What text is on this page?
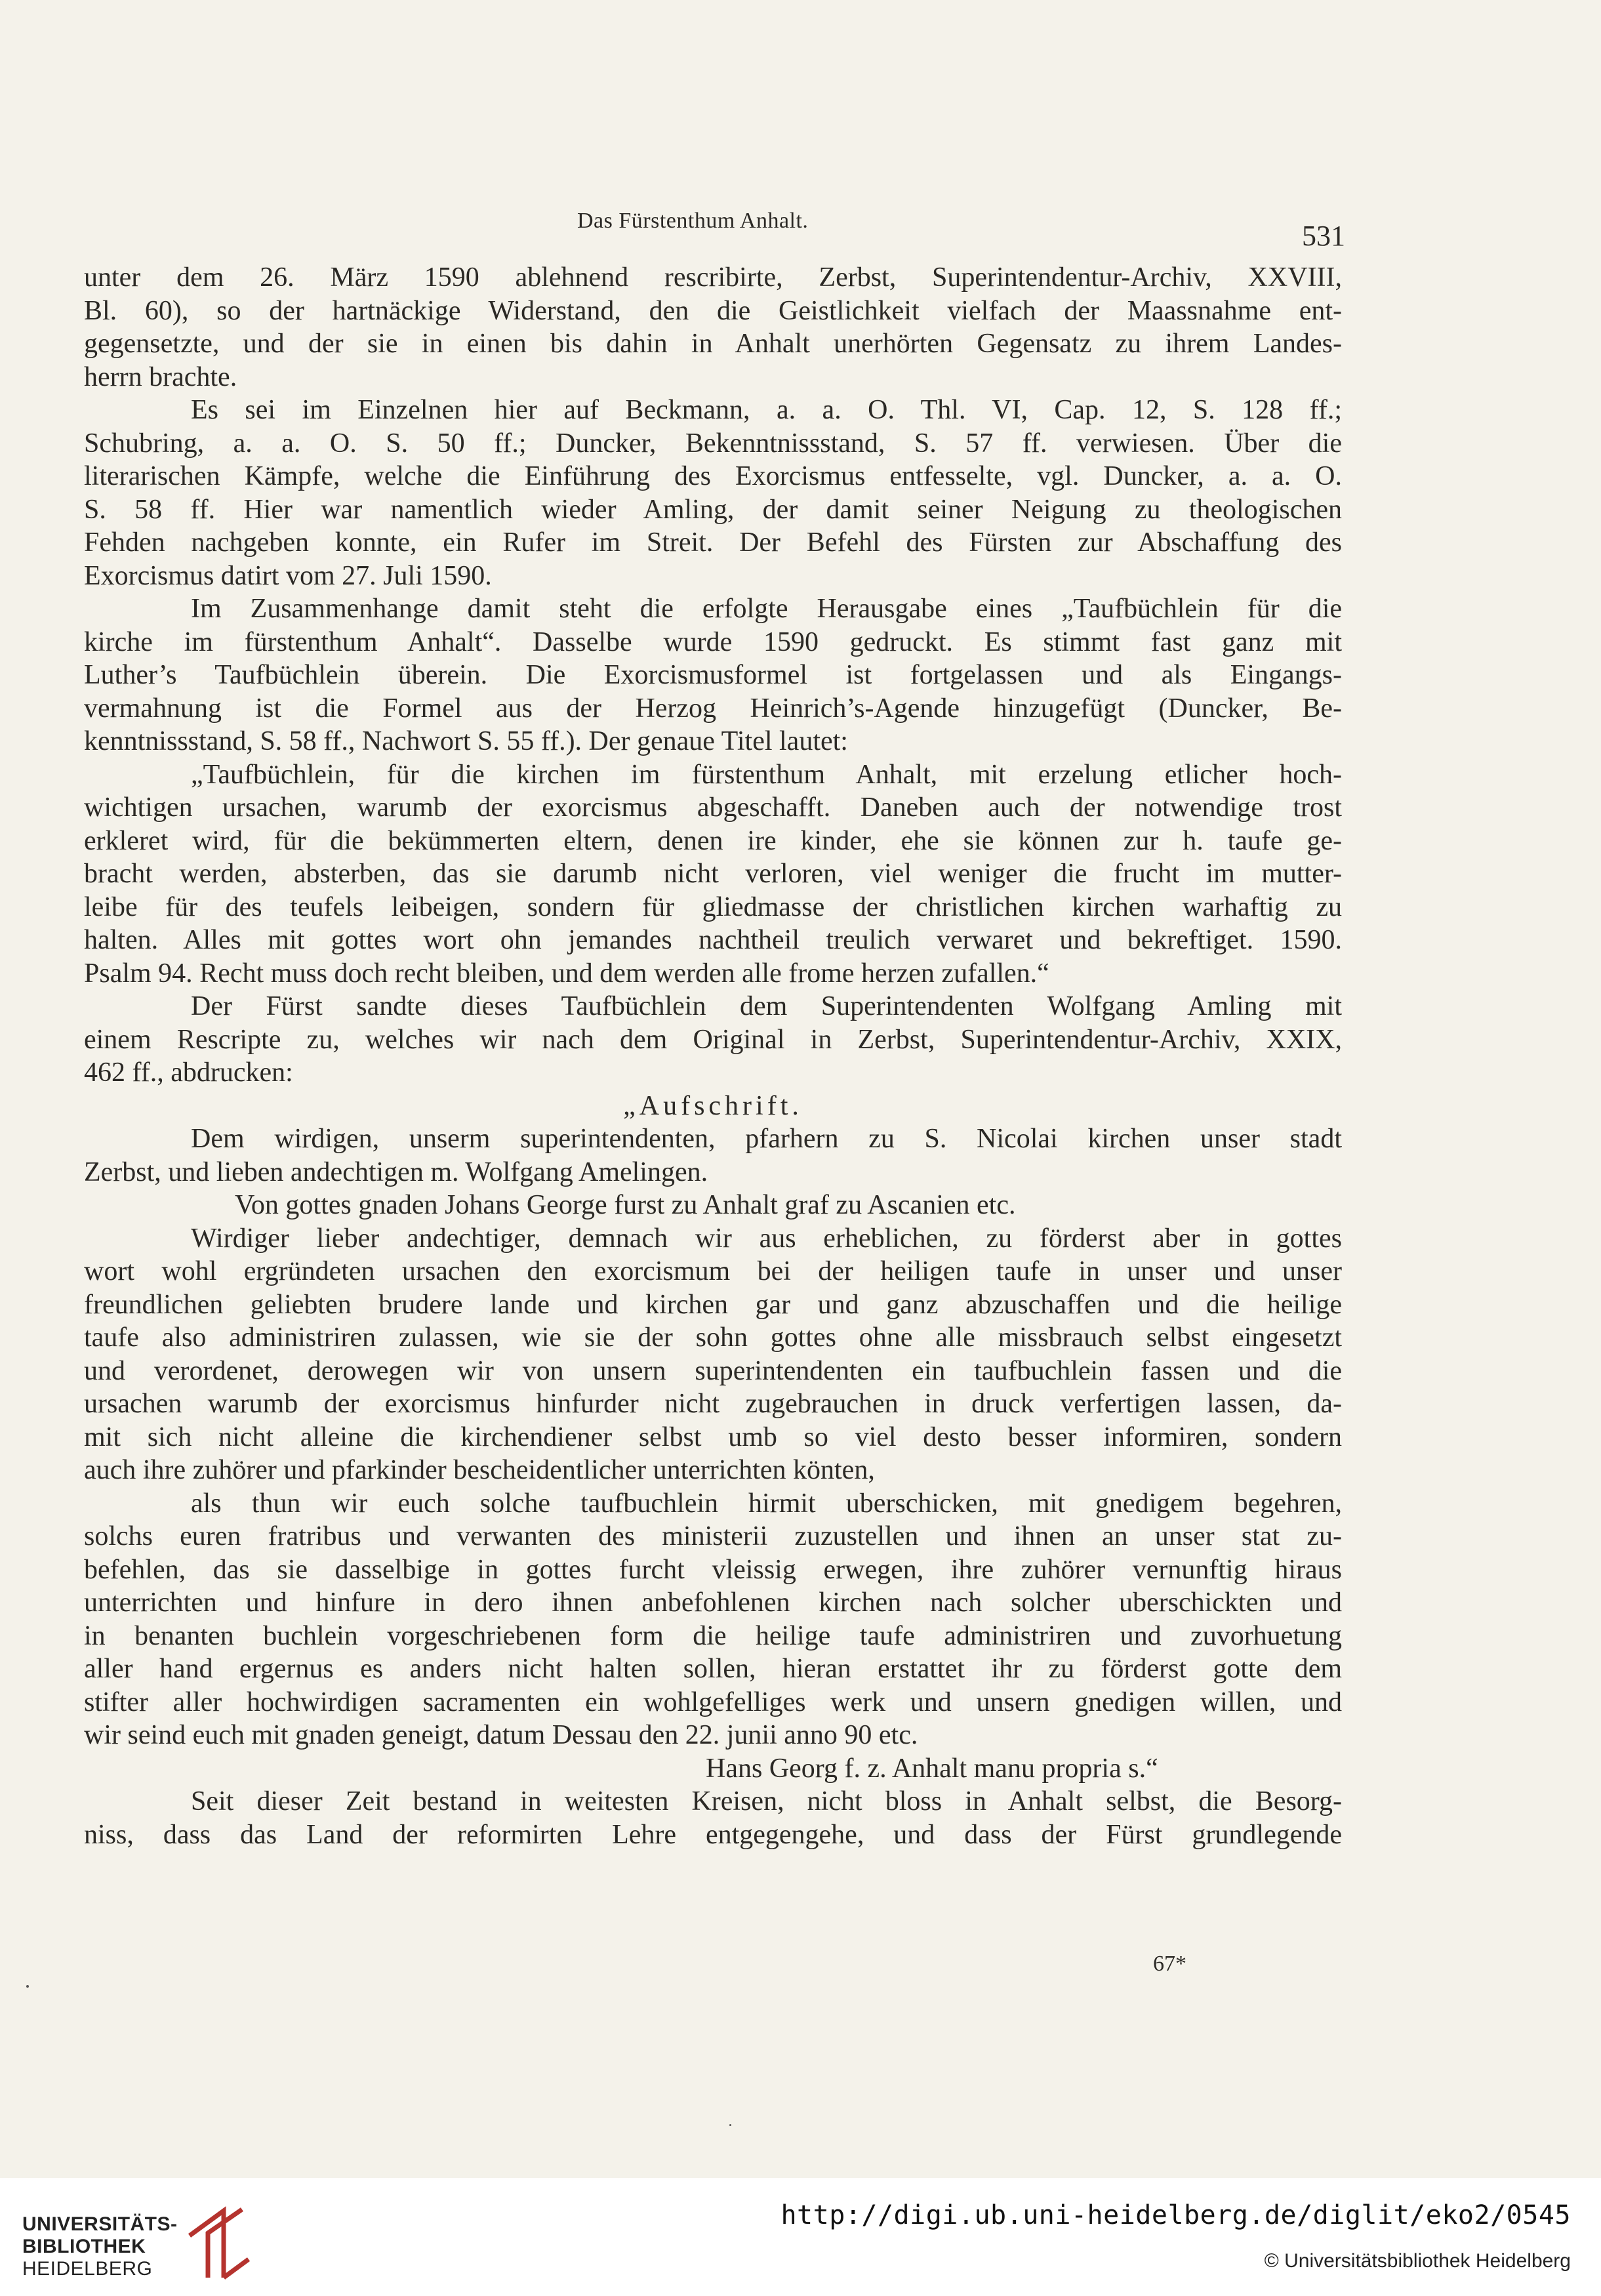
Das Fürstenthum Anhalt.	531

unter dem 26. März 1590 ablehnend rescribirte, Zerbst, Superintendentur-Archiv, XXVIII,

Bl. 60), so der hartnäckige Widerstand, den die Geistlichkeit vielfach der Maassnahme ent-

gegensetzte, und der sie in einen bis dahin in Anhalt unerhörten Gegensatz zu ihrem Landes-

herrn brachte.

Es sei im Einzelnen hier auf Beckmann, a. a. O. Thl. VI, Cap. 12, S. 128 ff.;

Schubring, a. a. O. S. 50 ff.; Duncker, Bekenntnissstand, S. 57 ff. verwiesen. Über die

literarischen Kämpfe, welche die Einführung des Exorcismus entfesselte, vgl. Duncker, a. a. O.

S. 58 ff. Hier war namentlich wieder Amling, der damit seiner Neigung zu theologischen

Fehden nachgeben konnte, ein Rufer im Streit. Der Befehl des Fürsten zur Abschaffung des

Exorcismus datirt vom 27. Juli 1590.

Im Zusammenhange damit steht die erfolgte Herausgabe eines „Taufbüchlein für die

kirche im fürstenthum Anhalt“. Dasselbe wurde 1590 gedruckt. Es stimmt fast ganz mit

Luther’s Taufbüchlein überein. Die Exorcismusformel ist fortgelassen und als Eingangs-

vermahnung ist die Formel aus der Herzog Heinrich’s-Agende hinzugefügt (Duncker, Be-

kenntnissstand, S. 58 ff., Nachwort S. 55 ff.). Der genaue Titel lautet:

„Taufbüchlein, für die kirchen im fürstenthum Anhalt, mit erzelung etlicher hoch-

wichtigen ursachen, warumb der exorcismus abgeschafft. Daneben auch der notwendige trost

erkleret wird, für die bekümmerten eltern, denen ire kinder, ehe sie können zur h. taufe ge-

bracht werden, absterben, das sie darumb nicht verloren, viel weniger die frucht im mutter-

leibe für des teufels leibeigen, sondern für gliedmasse der christlichen kirchen warhaftig zu

halten. Alles mit gottes wort ohn jemandes nachtheil treulich verwaret und bekreftiget. 1590.

Psalm 94. Recht muss doch recht bleiben, und dem werden alle frome herzen zufallen.“

Der Fürst sandte dieses Taufbüchlein dem Superintendenten Wolfgang Amling mit

einem Rescripte zu, welches wir nach dem Original in Zerbst, Superintendentur-Archiv, XXIX,

462 ff., abdrucken:

„Aufschrift.

Dem wirdigen, unserm superintendenten, pfarhern zu S. Nicolai kirchen unser stadt

Zerbst, und lieben andechtigen m. Wolfgang Amelingen.

Von gottes gnaden Johans George furst zu Anhalt graf zu Ascanien etc.

Wirdiger lieber andechtiger, demnach wir aus erheblichen, zu förderst aber in gottes

wort wohl ergründeten ursachen den exorcismum bei der heiligen taufe in unser und unser

freundlichen geliebten brudere lande und kirchen gar und ganz abzuschaffen und die heilige

taufe also administriren zulassen, wie sie der sohn gottes ohne alle missbrauch selbst eingesetzt

und verordenet, derowegen wir von unsern superintendenten ein taufbuchlein fassen und die

ursachen warumb der exorcismus hinfurder nicht zugebrauchen in druck verfertigen lassen, da-

mit sich nicht alleine die kirchendiener selbst umb so viel desto besser informiren, sondern

auch ihre zuhörer und pfarkinder bescheidentlicher unterrichten könten,

als thun wir euch solche taufbuchlein hirmit uberschicken, mit gnedigem begehren,

solchs euren fratribus und verwanten des ministerii zuzustellen und ihnen an unser stat zu-

befehlen, das sie dasselbige in gottes furcht vleissig erwegen, ihre zuhörer vernunftig hiraus

unterrichten und hinfure in dero ihnen anbefohlenen kirchen nach solcher uberschickten und

in benanten buchlein vorgeschriebenen form die heilige taufe administriren und zuvorhuetung

aller hand ergernus es anders nicht halten sollen, hieran erstattet ihr zu förderst gotte dem

stifter aller hochwirdigen sacramenten ein wohlgefelliges werk und unsern gnedigen willen, und

wir seind euch mit gnaden geneigt, datum Dessau den 22. junii anno 90 etc.

Hans Georg f. z. Anhalt manu propria s.“

Seit dieser Zeit bestand in weitesten Kreisen, nicht bloss in Anhalt selbst, die Besorg-

niss, dass das Land der reformirten Lehre entgegengehe, und dass der Fürst grundlegende

67*
UNIVERSITÄTS-
BIBLIOTHEK
HEIDELBERG
http://digi.ub.uni-heidelberg.de/diglit/eko2/0545
© Universitätsbibliothek Heidelberg
